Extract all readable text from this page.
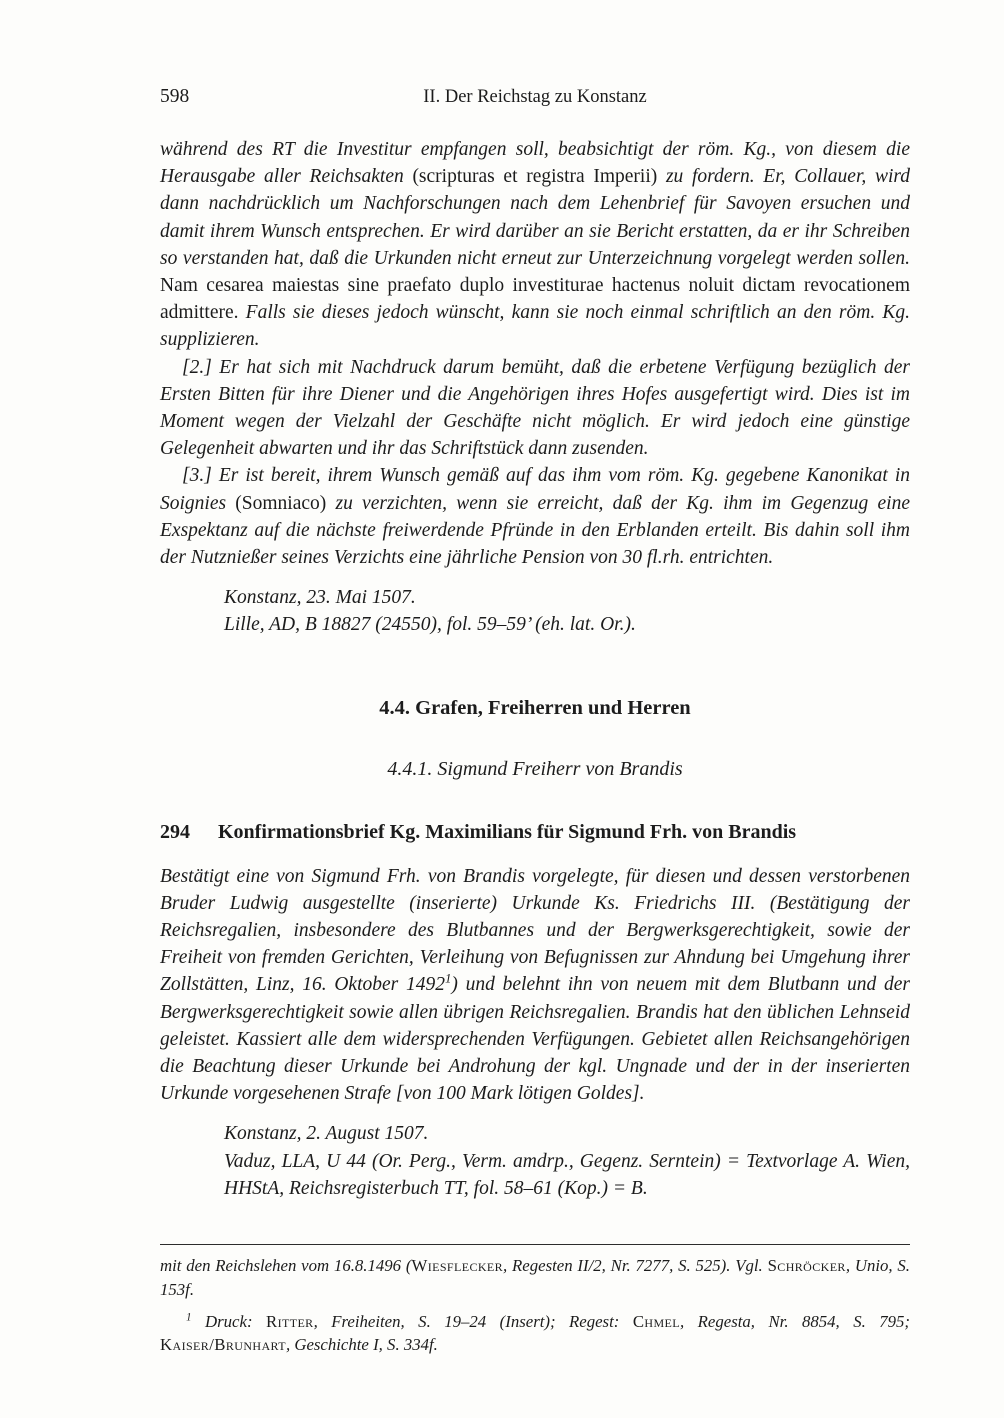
598	II. Der Reichstag zu Konstanz

während des RT die Investitur empfangen soll, beabsichtigt der röm. Kg., von diesem die Herausgabe aller Reichsakten (scripturas et registra Imperii) zu fordern. Er, Collauer, wird dann nachdrücklich um Nachforschungen nach dem Lehenbrief für Savoyen ersuchen und damit ihrem Wunsch entsprechen. Er wird darüber an sie Bericht erstatten, da er ihr Schreiben so verstanden hat, daß die Urkunden nicht erneut zur Unterzeichnung vorgelegt werden sollen. Nam cesarea maiestas sine praefato duplo investiturae hactenus noluit dictam revocationem admittere. Falls sie dieses jedoch wünscht, kann sie noch einmal schriftlich an den röm. Kg. supplizieren.

[2.] Er hat sich mit Nachdruck darum bemüht, daß die erbetene Verfügung bezüglich der Ersten Bitten für ihre Diener und die Angehörigen ihres Hofes ausgefertigt wird. Dies ist im Moment wegen der Vielzahl der Geschäfte nicht möglich. Er wird jedoch eine günstige Gelegenheit abwarten und ihr das Schriftstück dann zusenden.

[3.] Er ist bereit, ihrem Wunsch gemäß auf das ihm vom röm. Kg. gegebene Kanonikat in Soignies (Somniaco) zu verzichten, wenn sie erreicht, daß der Kg. ihm im Gegenzug eine Exspektanz auf die nächste freiwerdende Pfründe in den Erblanden erteilt. Bis dahin soll ihm der Nutznießer seines Verzichts eine jährliche Pension von 30 fl.rh. entrichten.

Konstanz, 23. Mai 1507.

Lille, AD, B 18827 (24550), fol. 59–59’ (eh. lat. Or.).

4.4. Grafen, Freiherren und Herren

4.4.1. Sigmund Freiherr von Brandis

294 Konfirmationsbrief Kg. Maximilians für Sigmund Frh. von Brandis

Bestätigt eine von Sigmund Frh. von Brandis vorgelegte, für diesen und dessen verstorbenen Bruder Ludwig ausgestellte (inserierte) Urkunde Ks. Friedrichs III. (Bestätigung der Reichsregalien, insbesondere des Blutbannes und der Bergwerksgerechtigkeit, sowie der Freiheit von fremden Gerichten, Verleihung von Befugnissen zur Ahndung bei Umgehung ihrer Zollstätten, Linz, 16. Oktober 1492$^1$) und belehnt ihn von neuem mit dem Blutbann und der Bergwerksgerechtigkeit sowie allen übrigen Reichsregalien. Brandis hat den üblichen Lehnseid geleistet. Kassiert alle dem widersprechenden Verfügungen. Gebietet allen Reichsangehörigen die Beachtung dieser Urkunde bei Androhung der kgl. Ungnade und der in der inserierten Urkunde vorgesehenen Strafe [von 100 Mark lötigen Goldes].

Konstanz, 2. August 1507.

Vaduz, LLA, U 44 (Or. Perg., Verm. amdrp., Gegenz. Serntein) = Textvorlage A. Wien, HHStA, Reichsregisterbuch TT, fol. 58–61 (Kop.) = B.

mit den Reichslehen vom 16.8.1496 (Wiesflecker, Regesten II/2, Nr. 7277, S. 525). Vgl. Schröcker, Unio, S. 153f.

$^1$ Druck: Ritter, Freiheiten, S. 19–24 (Insert); Regest: Chmel, Regesta, Nr. 8854, S. 795; Kaiser/Brunhart, Geschichte I, S. 334f.
